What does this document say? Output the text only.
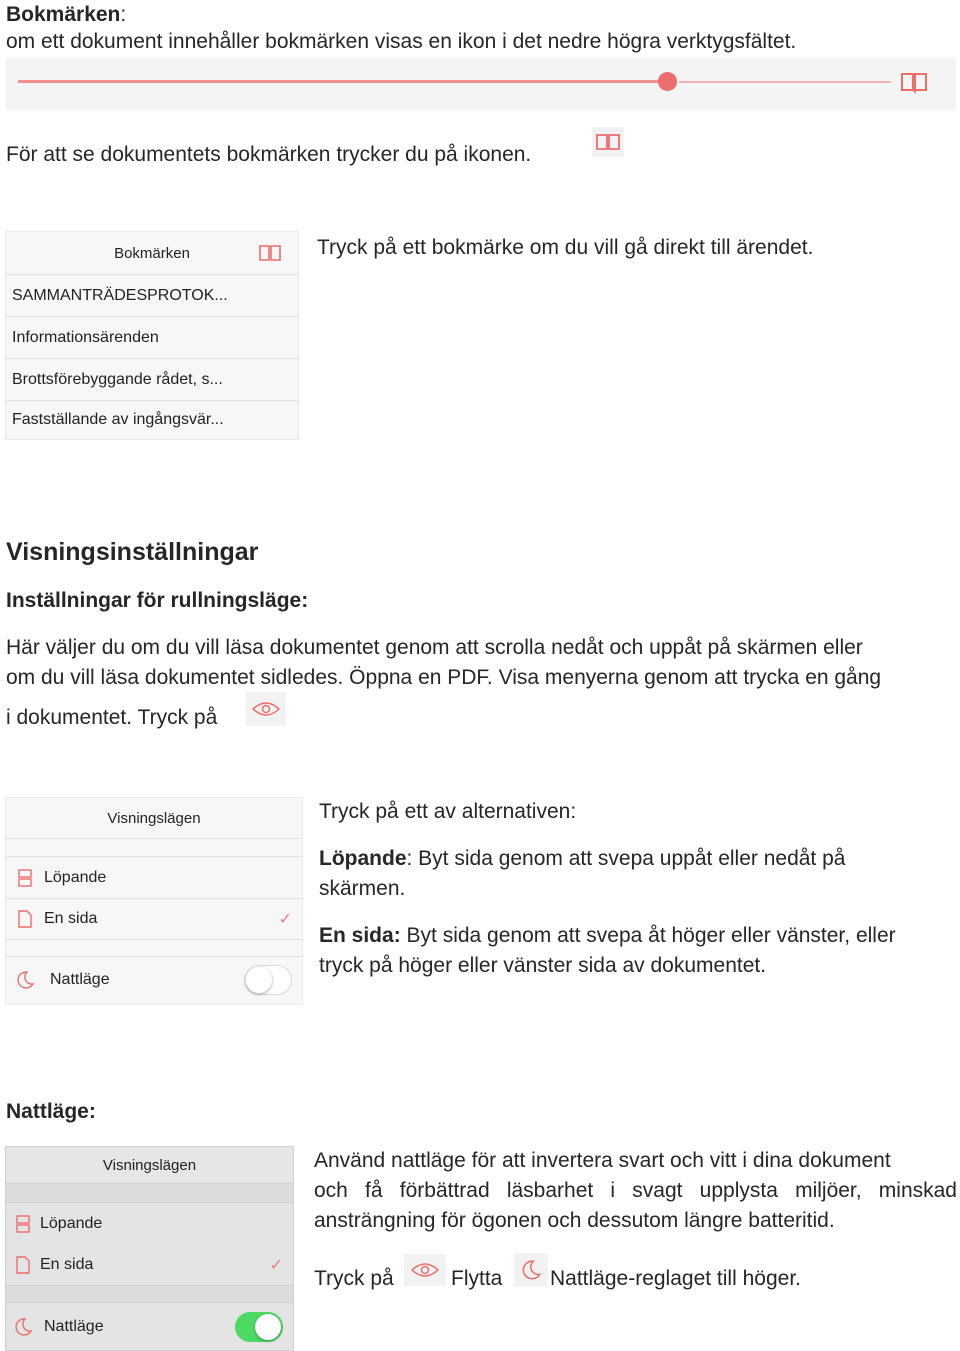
Bokmärken:
om ett dokument innehåller bokmärken visas en ikon i det nedre högra verktygsfältet.
För att se dokumentets bokmärken trycker du på ikonen.
Bokmärken
SAMMANTRÄDESPROTOK...
Informationsärenden
Brottsförebyggande rådet, s...
Fastställande av ingångsvär...
Tryck på ett bokmärke om du vill gå direkt till ärendet.
Visningsinställningar
Inställningar för rullningsläge:
Här väljer du om du vill läsa dokumentet genom att scrolla nedåt och uppåt på skärmen eller
om du vill läsa dokumentet sidledes. Öppna en PDF. Visa menyerna genom att trycka en gång
i dokumentet. Tryck på
Visningslägen
Löpande
En sida	✓
Nattläge
Tryck på ett av alternativen:
Löpande: Byt sida genom att svepa uppåt eller nedåt på
skärmen.
En sida: Byt sida genom att svepa åt höger eller vänster, eller
tryck på höger eller vänster sida av dokumentet.
Nattläge:
Visningslägen
Löpande
En sida	✓
Nattläge
Använd nattläge för att invertera svart och vitt i dina dokument
och få förbättrad läsbarhet i svagt upplysta miljöer, minskad
ansträngning för ögonen och dessutom längre batteritid.
Tryck på	Flytta Nattläge-reglaget till höger.
